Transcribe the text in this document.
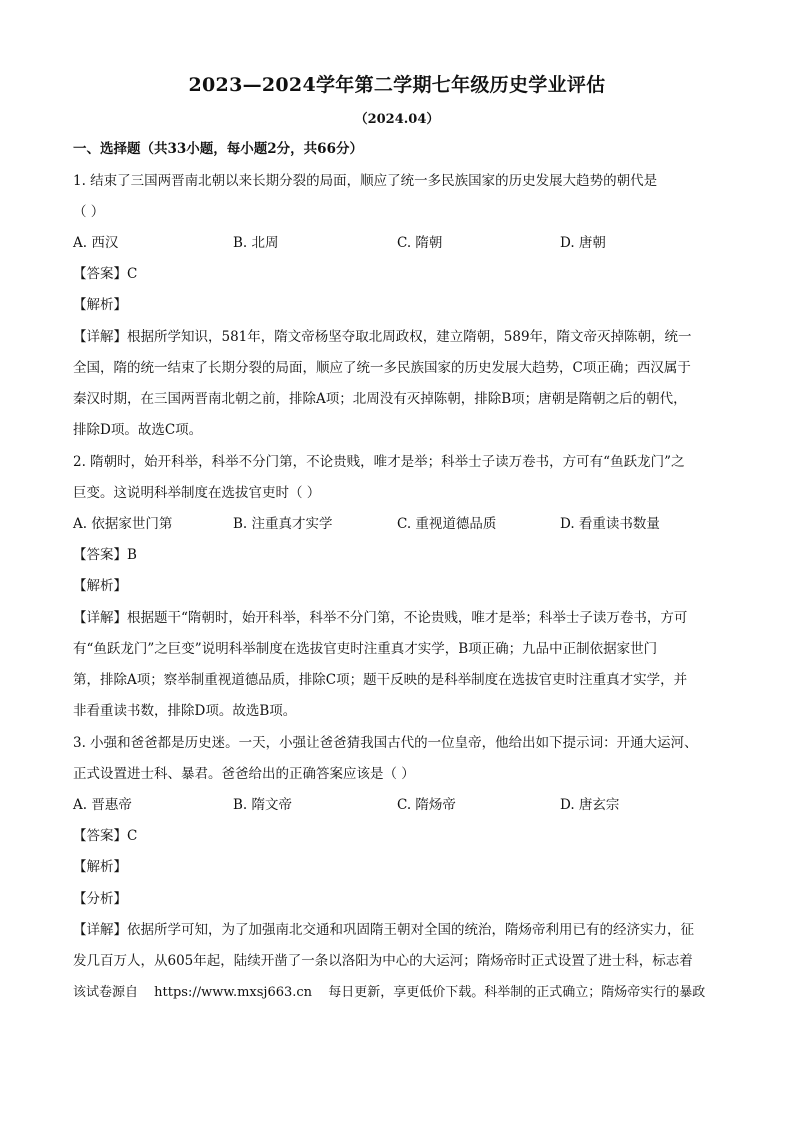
2023—2024学年第二学期七年级历史学业评估
（2024.04）
一、选择题（共33小题，每小题2分，共66分）
1. 结束了三国两晋南北朝以来长期分裂的局面，顺应了统一多民族国家的历史发展大趋势的朝代是
（ ）
A. 西汉	B. 北周	C. 隋朝	D. 唐朝
【答案】C
【解析】
【详解】根据所学知识，581年，隋文帝杨坚夺取北周政权，建立隋朝，589年，隋文帝灭掉陈朝，统一
全国，隋的统一结束了长期分裂的局面，顺应了统一多民族国家的历史发展大趋势，C项正确；西汉属于
秦汉时期，在三国两晋南北朝之前，排除A项；北周没有灭掉陈朝，排除B项；唐朝是隋朝之后的朝代，
排除D项。故选C项。
2. 隋朝时，始开科举，科举不分门第，不论贵贱，唯才是举；科举士子读万卷书，方可有“鱼跃龙门”之
巨变。这说明科举制度在选拔官吏时（ ）
A. 依据家世门第	B. 注重真才实学	C. 重视道德品质	D. 看重读书数量
【答案】B
【解析】
【详解】根据题干“隋朝时，始开科举，科举不分门第，不论贵贱，唯才是举；科举士子读万卷书，方可
有“鱼跃龙门”之巨变”说明科举制度在选拔官吏时注重真才实学，B项正确；九品中正制依据家世门
第，排除A项；察举制重视道德品质，排除C项；题干反映的是科举制度在选拔官吏时注重真才实学，并
非看重读书数，排除D项。故选B项。
3. 小强和爸爸都是历史迷。一天，小强让爸爸猜我国古代的一位皇帝，他给出如下提示词：开通大运河、
正式设置进士科、暴君。爸爸给出的正确答案应该是（ ）
A. 晋惠帝	B. 隋文帝	C. 隋炀帝	D. 唐玄宗
【答案】C
【解析】
【分析】
【详解】依据所学可知，为了加强南北交通和巩固隋王朝对全国的统治，隋炀帝利用已有的经济实力，征
发几百万人，从605年起，陆续开凿了一条以洛阳为中心的大运河；隋炀帝时正式设置了进士科，标志着
该试卷源自 https://www.mxsj663.cn 每日更新，享更低价下载。科举制的正式确立；隋炀帝实行的暴政
